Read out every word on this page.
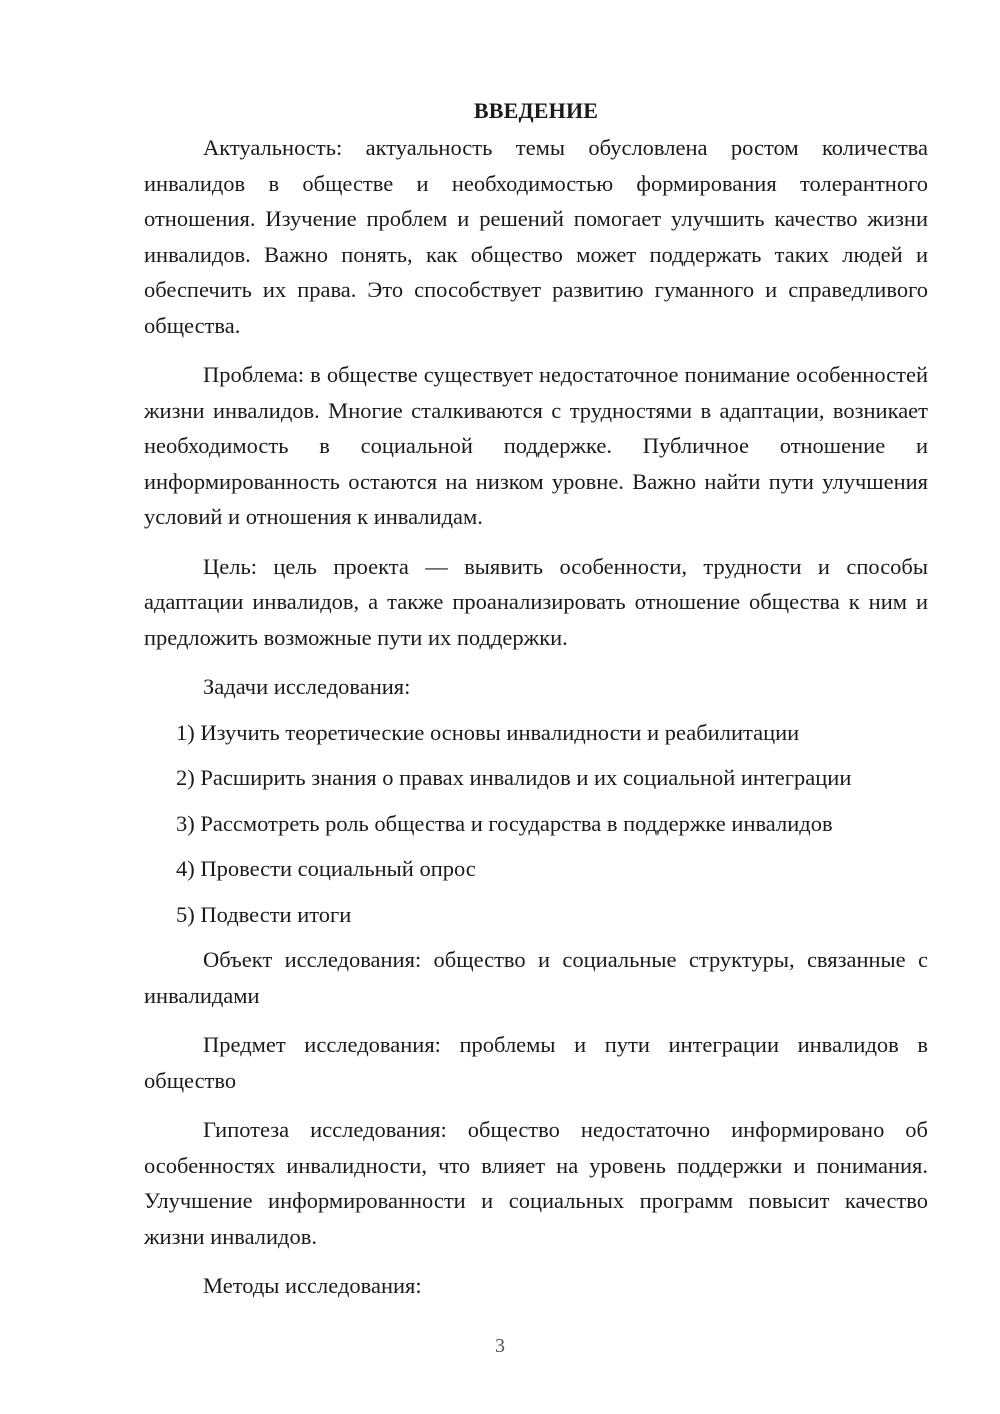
ВВЕДЕНИЕ

Актуальность: актуальность темы обусловлена ростом количества инвалидов в обществе и необходимостью формирования толерантного отношения. Изучение проблем и решений помогает улучшить качество жизни инвалидов. Важно понять, как общество может поддержать таких людей и обеспечить их права. Это способствует развитию гуманного и справедливого общества.

Проблема: в обществе существует недостаточное понимание особенностей жизни инвалидов. Многие сталкиваются с трудностями в адаптации, возникает необходимость в социальной поддержке. Публичное отношение и информированность остаются на низком уровне. Важно найти пути улучшения условий и отношения к инвалидам.

Цель: цель проекта — выявить особенности, трудности и способы адаптации инвалидов, а также проанализировать отношение общества к ним и предложить возможные пути их поддержки.

Задачи исследования:

1) Изучить теоретические основы инвалидности и реабилитации
2) Расширить знания о правах инвалидов и их социальной интеграции
3) Рассмотреть роль общества и государства в поддержке инвалидов
4) Провести социальный опрос
5) Подвести итоги

Объект исследования: общество и социальные структуры, связанные с инвалидами

Предмет исследования: проблемы и пути интеграции инвалидов в общество

Гипотеза исследования: общество недостаточно информировано об особенностях инвалидности, что влияет на уровень поддержки и понимания. Улучшение информированности и социальных программ повысит качество жизни инвалидов.

Методы исследования:

3
